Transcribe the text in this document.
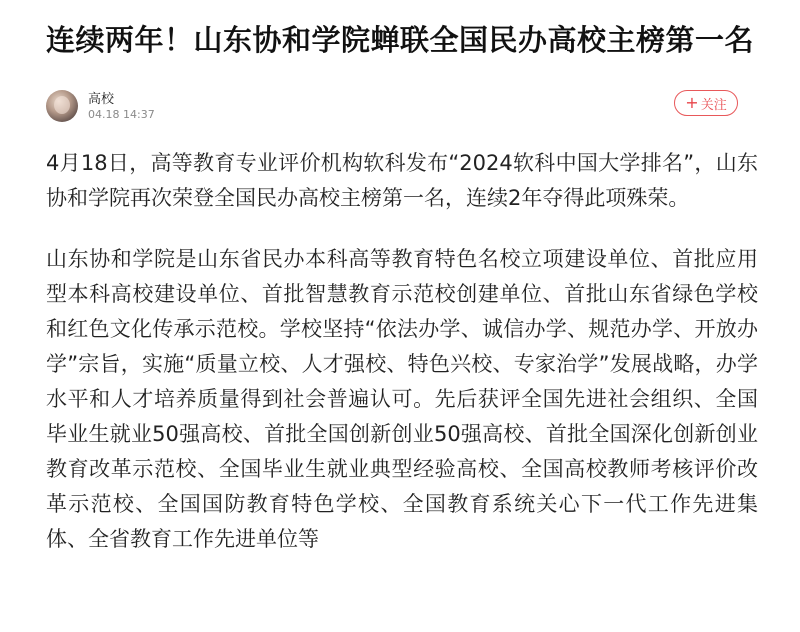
连续两年！山东协和学院蝉联全国民办高校主榜第一名
高校
04.18 14:37
+ 关注

4月18日，高等教育专业评价机构软科发布“2024软科中国大学排名”，山东协和学院再次荣登全国民办高校主榜第一名，连续2年夺得此项殊荣。

山东协和学院是山东省民办本科高等教育特色名校立项建设单位、首批应用型本科高校建设单位、首批智慧教育示范校创建单位、首批山东省绿色学校和红色文化传承示范校。学校坚持“依法办学、诚信办学、规范办学、开放办学”宗旨，实施“质量立校、人才强校、特色兴校、专家治学”发展战略，办学水平和人才培养质量得到社会普遍认可。先后获评全国先进社会组织、全国毕业生就业50强高校、首批全国创新创业50强高校、首批全国深化创新创业教育改革示范校、全国毕业生就业典型经验高校、全国高校教师考核评价改革示范校、全国国防教育特色学校、全国教育系统关心下一代工作先进集体、全省教育工作先进单位等
